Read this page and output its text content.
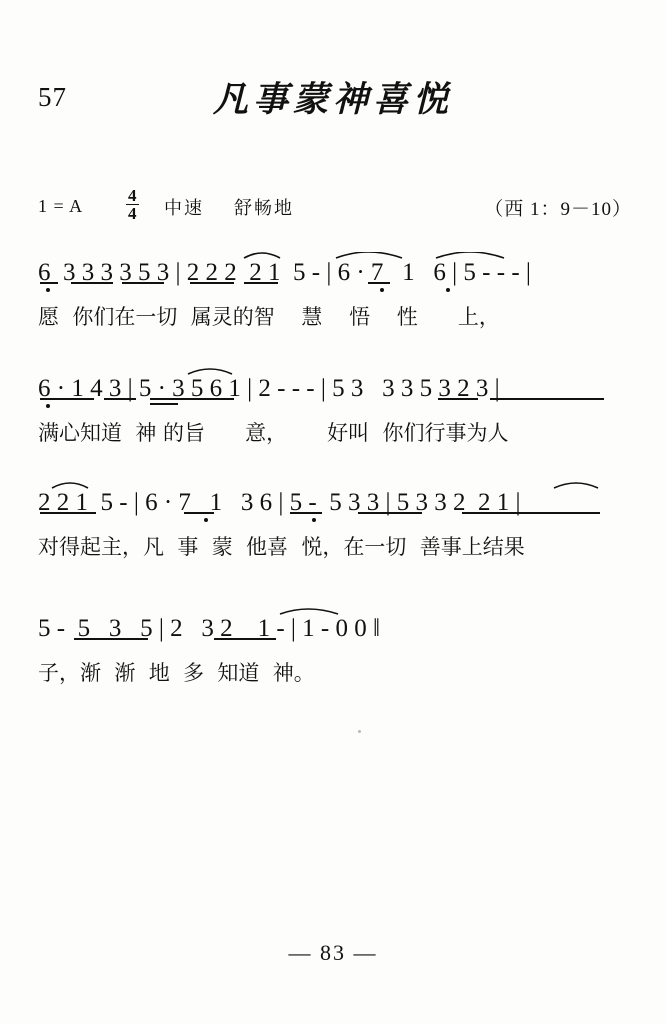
57	凡事蒙神喜悦
1 = A	$\frac{4}{4}$ 中速 舒畅地	（西 1：9－10）
6  3 3 3 3 5 3 | 2 2 2  2 1  5 - | 6 · 7   1   6 | 5 - - - |
愿  你们在一切  属灵的智    慧    悟    性      上，
6 · 1 4 3 | 5 · 3 5 6 1 | 2 - - - | 5 3   3 3 5 3 2 3 |
满心知道  神 的旨      意，      好叫  你们行事为人
2 2 1  5 - | 6 · 7   1   3 6 | 5 -  5 3 3 | 5 3 3 2  2 1 |
对得起主，凡  事  蒙  他喜  悦，在一切  善事上结果
5 -  5   3   5 | 2   3 2    1 - | 1 - 0 0 ‖
子，渐  渐  地  多  知道  神。
— 83 —
